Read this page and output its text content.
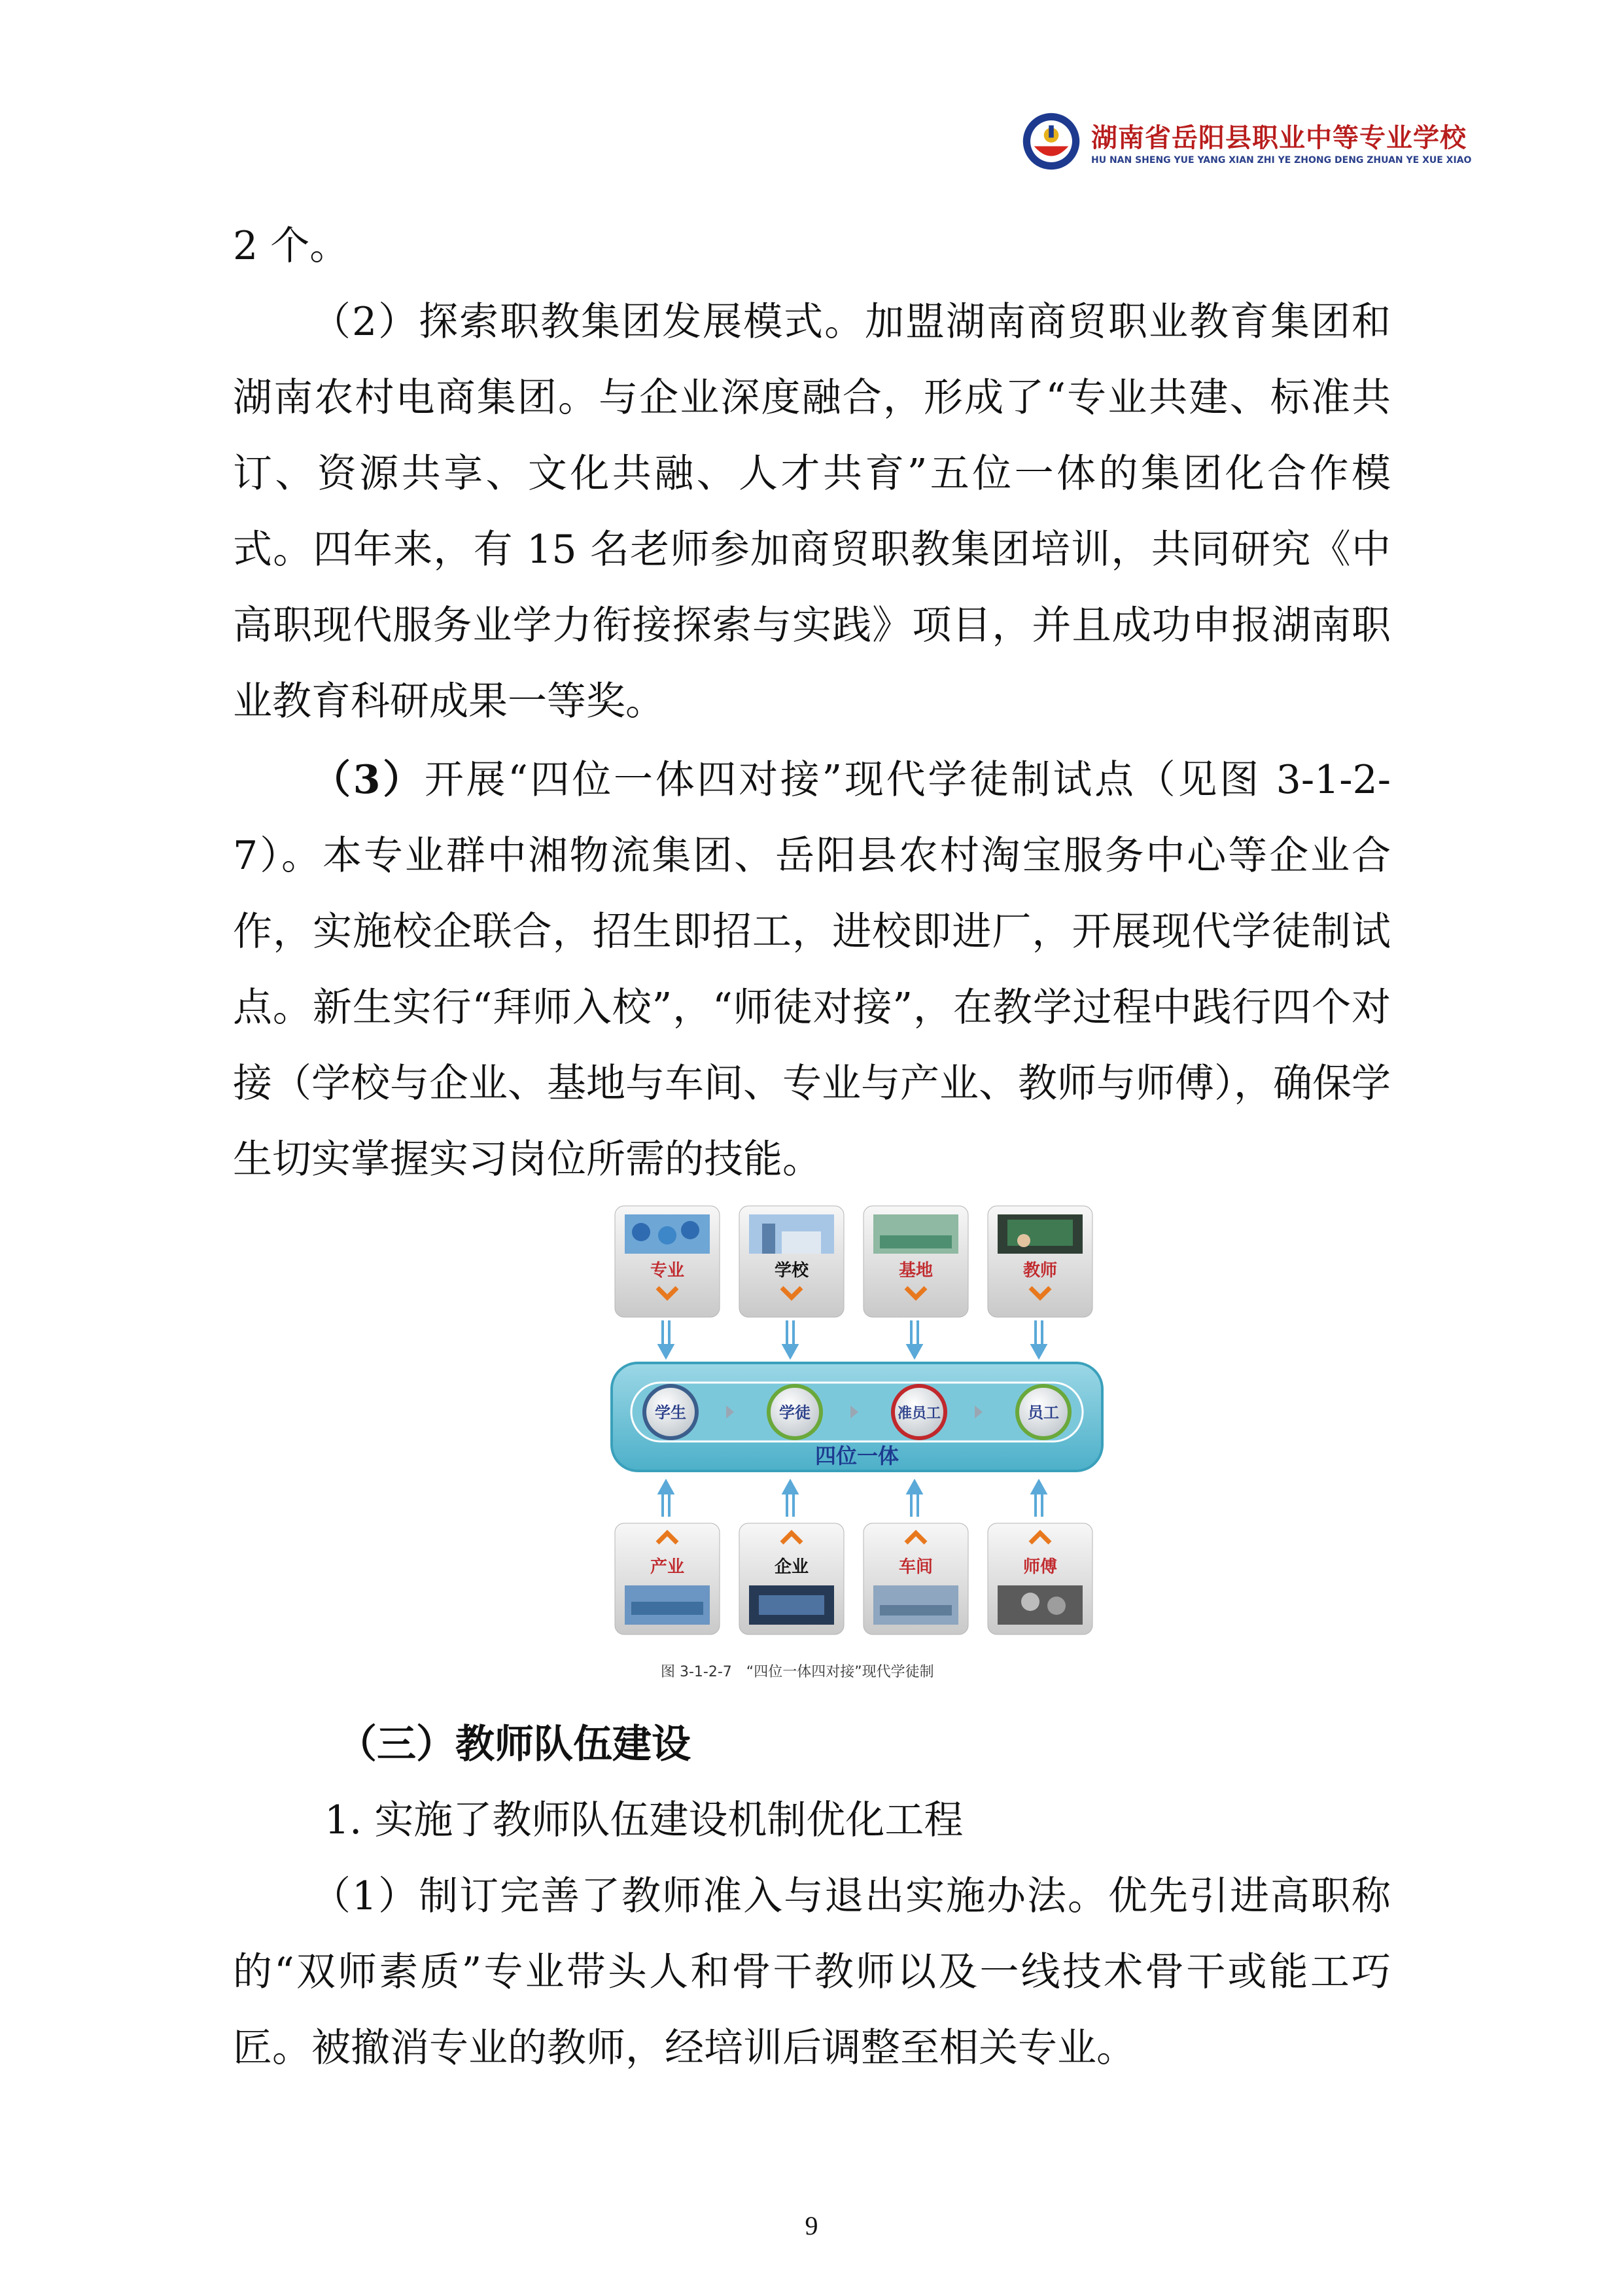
湖南省岳阳县职业中等专业学校
HU NAN SHENG YUE YANG XIAN ZHI YE ZHONG DENG ZHUAN YE XUE XIAO
2 个。
（2）探索职教集团发展模式。加盟湖南商贸职业教育集团和湖南农村电商集团。与企业深度融合，形成了“专业共建、标准共订、资源共享、文化共融、人才共育”五位一体的集团化合作模式。四年来，有 15 名老师参加商贸职教集团培训，共同研究《中高职现代服务业学力衔接探索与实践》项目，并且成功申报湖南职业教育科研成果一等奖。
（3）开展“四位一体四对接”现代学徒制试点（见图 3-1-2-7）。本专业群中湘物流集团、岳阳县农村淘宝服务中心等企业合作，实施校企联合，招生即招工，进校即进厂，开展现代学徒制试点。新生实行“拜师入校”，“师徒对接”，在教学过程中践行四个对接（学校与企业、基地与车间、专业与产业、教师与师傅），确保学生切实掌握实习岗位所需的技能。
专业	学校	基地	教师
学生	学徒	准员工	员工
四位一体
产业	企业	车间	师傅
图 3-1-2-7　“四位一体四对接”现代学徒制
（三）教师队伍建设
1. 实施了教师队伍建设机制优化工程
（1）制订完善了教师准入与退出实施办法。优先引进高职称的“双师素质”专业带头人和骨干教师以及一线技术骨干或能工巧匠。被撤消专业的教师，经培训后调整至相关专业。
9
